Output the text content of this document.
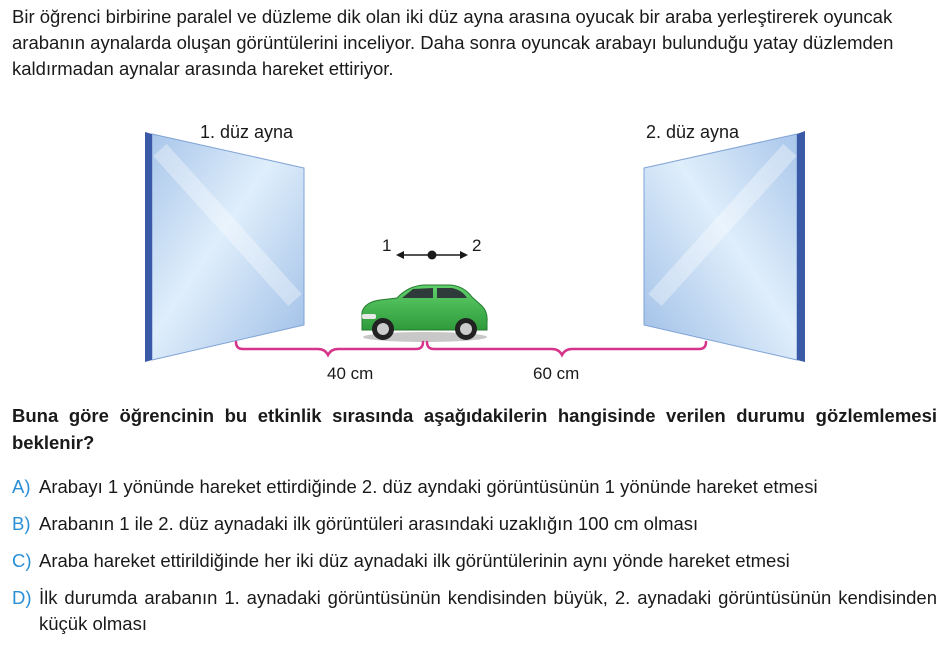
Bir öğrenci birbirine paralel ve düzleme dik olan iki düz ayna arasına oyucak bir araba yerleştirerek oyuncak arabanın aynalarda oluşan görüntülerini inceliyor. Daha sonra oyuncak arabayı bulunduğu yatay düzlemden kaldırmadan aynalar arasında hareket ettiriyor.
1. düz ayna	2. düz ayna
1	2
40 cm	60 cm
Buna göre öğrencinin bu etkinlik sırasında aşağıdakilerin hangisinde verilen durumu gözlemlemesi beklenir?
A) Arabayı 1 yönünde hareket ettirdiğinde 2. düz ayndaki görüntüsünün 1 yönünde hareket etmesi
B) Arabanın 1 ile 2. düz aynadaki ilk görüntüleri arasındaki uzaklığın 100 cm olması
C) Araba hareket ettirildiğinde her iki düz aynadaki ilk görüntülerinin aynı yönde hareket etmesi
D) İlk durumda arabanın 1. aynadaki görüntüsünün kendisinden büyük, 2. aynadaki görüntüsünün kendisinden küçük olması
